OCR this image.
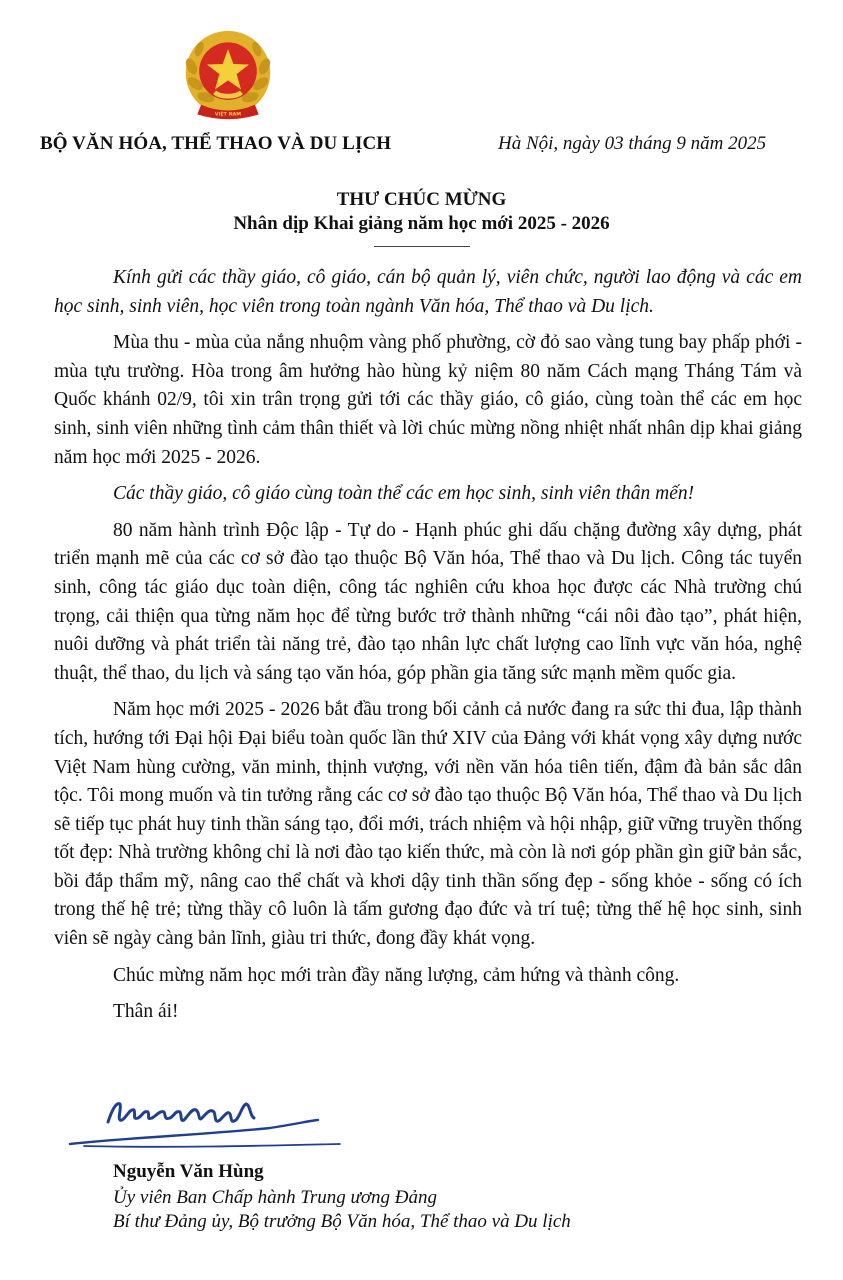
VIỆT NAM
BỘ VĂN HÓA, THỂ THAO VÀ DU LỊCH	Hà Nội, ngày 03 tháng 9 năm 2025
THƯ CHÚC MỪNG
Nhân dịp Khai giảng năm học mới 2025 - 2026

Kính gửi các thầy giáo, cô giáo, cán bộ quản lý, viên chức, người lao động và các em học sinh, sinh viên, học viên trong toàn ngành Văn hóa, Thể thao và Du lịch.

Mùa thu - mùa của nắng nhuộm vàng phố phường, cờ đỏ sao vàng tung bay phấp phới - mùa tựu trường. Hòa trong âm hưởng hào hùng kỷ niệm 80 năm Cách mạng Tháng Tám và Quốc khánh 02/9, tôi xin trân trọng gửi tới các thầy giáo, cô giáo, cùng toàn thể các em học sinh, sinh viên những tình cảm thân thiết và lời chúc mừng nồng nhiệt nhất nhân dịp khai giảng năm học mới 2025 - 2026.

Các thầy giáo, cô giáo cùng toàn thể các em học sinh, sinh viên thân mến!

80 năm hành trình Độc lập - Tự do - Hạnh phúc ghi dấu chặng đường xây dựng, phát triển mạnh mẽ của các cơ sở đào tạo thuộc Bộ Văn hóa, Thể thao và Du lịch. Công tác tuyển sinh, công tác giáo dục toàn diện, công tác nghiên cứu khoa học được các Nhà trường chú trọng, cải thiện qua từng năm học để từng bước trở thành những “cái nôi đào tạo”, phát hiện, nuôi dưỡng và phát triển tài năng trẻ, đào tạo nhân lực chất lượng cao lĩnh vực văn hóa, nghệ thuật, thể thao, du lịch và sáng tạo văn hóa, góp phần gia tăng sức mạnh mềm quốc gia.

Năm học mới 2025 - 2026 bắt đầu trong bối cảnh cả nước đang ra sức thi đua, lập thành tích, hướng tới Đại hội Đại biểu toàn quốc lần thứ XIV của Đảng với khát vọng xây dựng nước Việt Nam hùng cường, văn minh, thịnh vượng, với nền văn hóa tiên tiến, đậm đà bản sắc dân tộc. Tôi mong muốn và tin tưởng rằng các cơ sở đào tạo thuộc Bộ Văn hóa, Thể thao và Du lịch sẽ tiếp tục phát huy tinh thần sáng tạo, đổi mới, trách nhiệm và hội nhập, giữ vững truyền thống tốt đẹp: Nhà trường không chỉ là nơi đào tạo kiến thức, mà còn là nơi góp phần gìn giữ bản sắc, bồi đắp thẩm mỹ, nâng cao thể chất và khơi dậy tinh thần sống đẹp - sống khỏe - sống có ích trong thế hệ trẻ; từng thầy cô luôn là tấm gương đạo đức và trí tuệ; từng thế hệ học sinh, sinh viên sẽ ngày càng bản lĩnh, giàu tri thức, đong đầy khát vọng.

Chúc mừng năm học mới tràn đầy năng lượng, cảm hứng và thành công.

Thân ái!

Nguyễn Văn Hùng
Ủy viên Ban Chấp hành Trung ương Đảng
Bí thư Đảng ủy, Bộ trưởng Bộ Văn hóa, Thể thao và Du lịch
